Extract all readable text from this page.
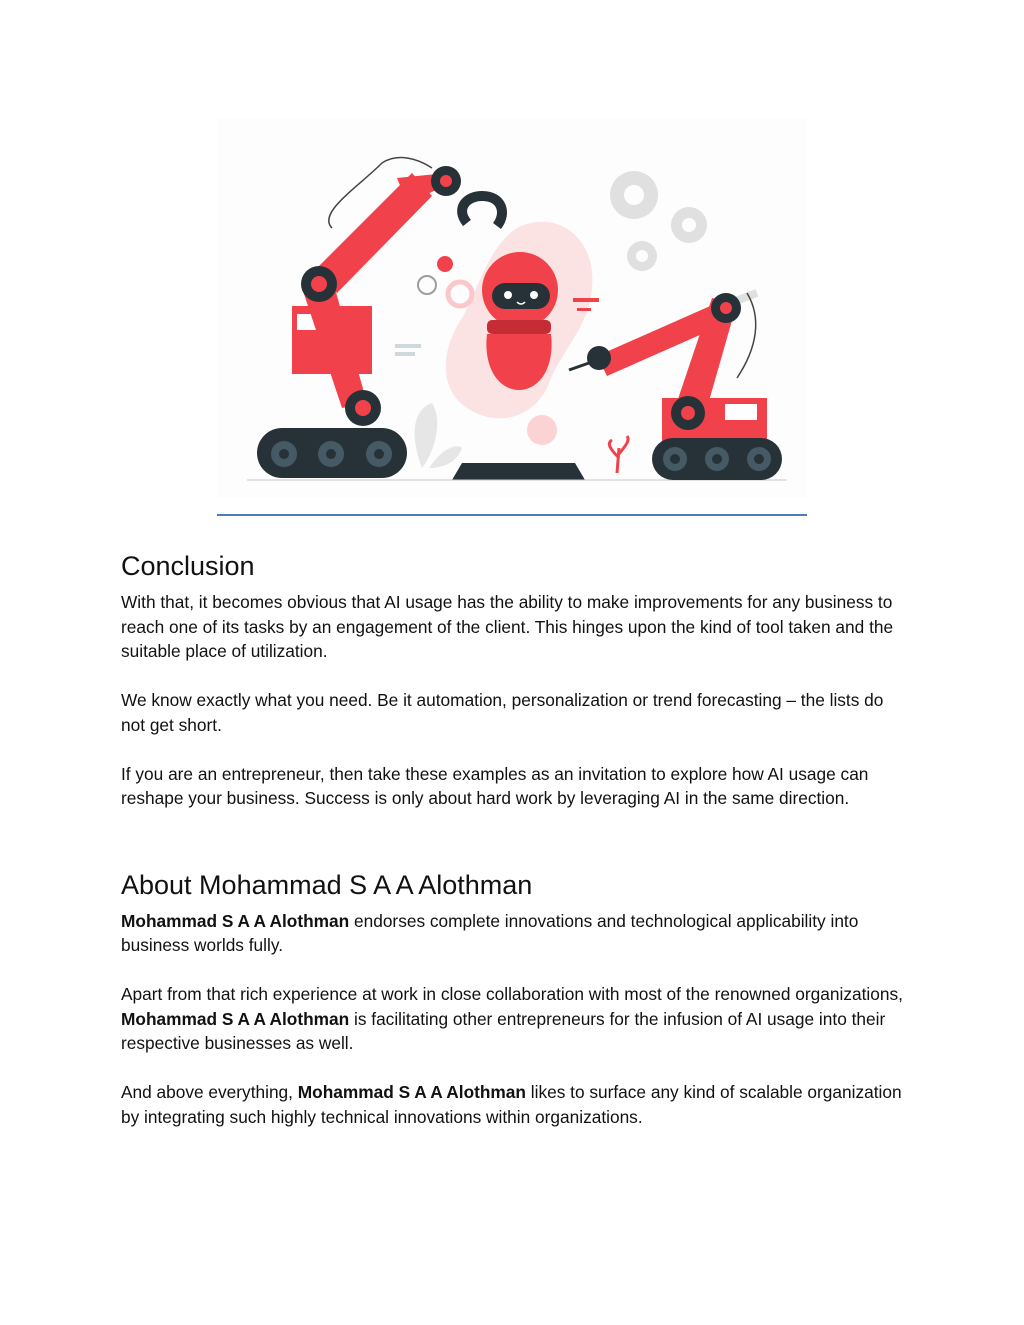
Conclusion

With that, it becomes obvious that AI usage has the ability to make improvements for any business to reach one of its tasks by an engagement of the client. This hinges upon the kind of tool taken and the suitable place of utilization.

We know exactly what you need. Be it automation, personalization or trend forecasting – the lists do not get short.

If you are an entrepreneur, then take these examples as an invitation to explore how AI usage can reshape your business. Success is only about hard work by leveraging AI in the same direction.

About Mohammad S A A Alothman

Mohammad S A A Alothman endorses complete innovations and technological applicability into business worlds fully.

Apart from that rich experience at work in close collaboration with most of the renowned organizations, Mohammad S A A Alothman is facilitating other entrepreneurs for the infusion of AI usage into their respective businesses as well.

And above everything, Mohammad S A A Alothman likes to surface any kind of scalable organization by integrating such highly technical innovations within organizations.
